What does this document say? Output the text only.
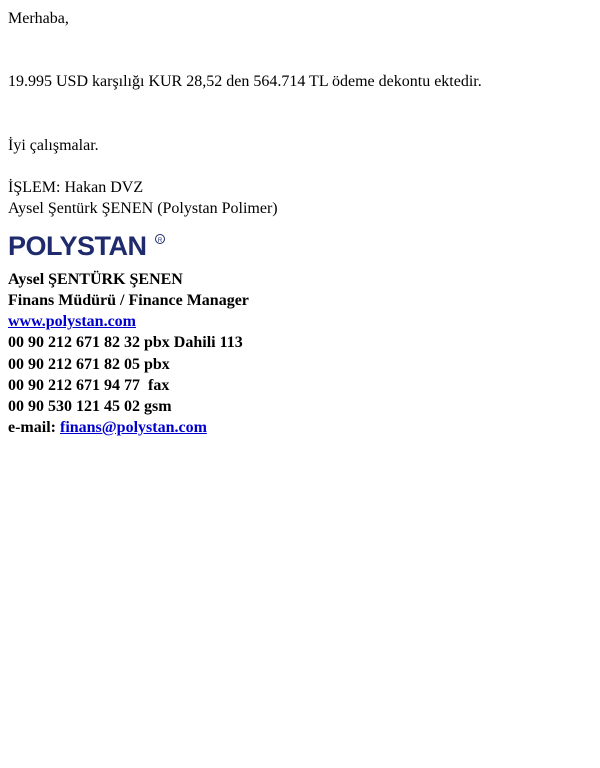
Merhaba,
19.995 USD karşılığı KUR 28,52 den 564.714 TL ödeme dekontu ektedir.
İyi çalışmalar.
İŞLEM: Hakan DVZ
Aysel Şentürk ŞENEN (Polystan Polimer)
POLYSTAN R
Aysel ŞENTÜRK ŞENEN
Finans Müdürü / Finance Manager
www.polystan.com
00 90 212 671 82 32 pbx Dahili 113
00 90 212 671 82 05 pbx
00 90 212 671 94 77  fax
00 90 530 121 45 02 gsm
e-mail: finans@polystan.com
